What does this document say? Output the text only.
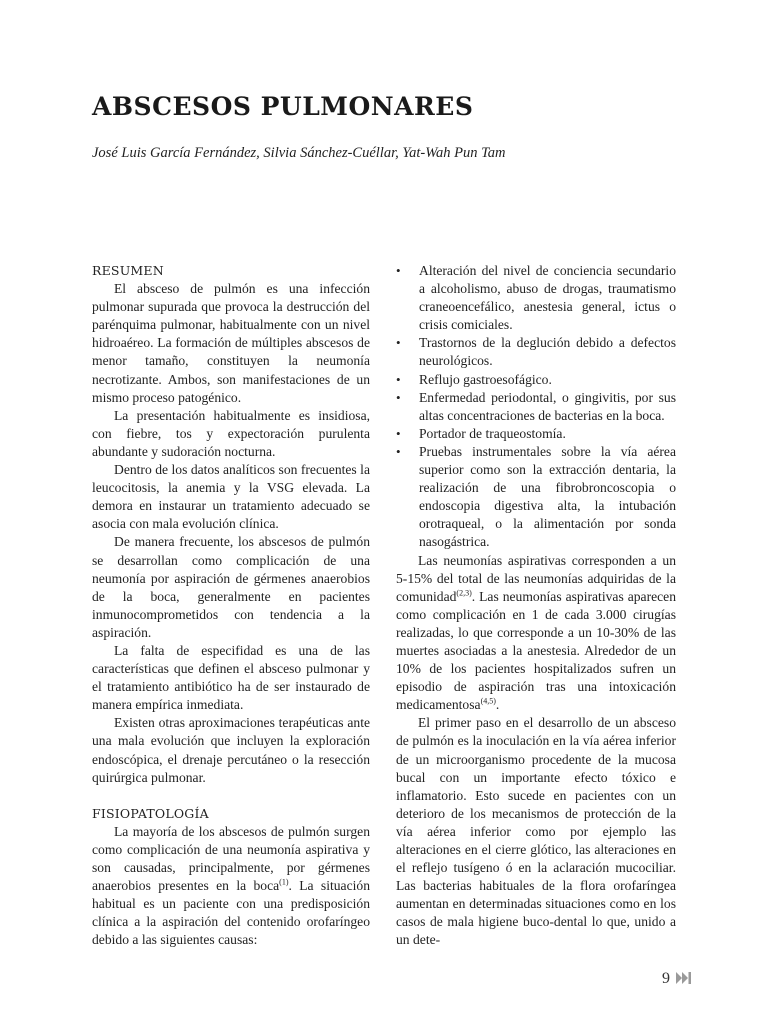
ABSCESOS PULMONARES
José Luis García Fernández, Silvia Sánchez-Cuéllar, Yat-Wah Pun Tam
RESUMEN

El absceso de pulmón es una infección pulmonar supurada que provoca la destrucción del parénquima pulmonar, habitualmente con un nivel hidroaéreo. La formación de múltiples abscesos de menor tamaño, constituyen la neumonía necrotizante. Ambos, son manifestaciones de un mismo proceso patogénico.

La presentación habitualmente es insidiosa, con fiebre, tos y expectoración purulenta abundante y sudoración nocturna.

Dentro de los datos analíticos son frecuentes la leucocitosis, la anemia y la VSG elevada. La demora en instaurar un tratamiento adecuado se asocia con mala evolución clínica.

De manera frecuente, los abscesos de pulmón se desarrollan como complicación de una neumonía por aspiración de gérmenes anaerobios de la boca, generalmente en pacientes inmunocomprometidos con tendencia a la aspiración.

La falta de especifidad es una de las características que definen el absceso pulmonar y el tratamiento antibiótico ha de ser instaurado de manera empírica inmediata.

Existen otras aproximaciones terapéuticas ante una mala evolución que incluyen la exploración endoscópica, el drenaje percutáneo o la resección quirúrgica pulmonar.

FISIOPATOLOGÍA

La mayoría de los abscesos de pulmón surgen como complicación de una neumonía aspirativa y son causadas, principalmente, por gérmenes anaerobios presentes en la boca$^{(1)}$. La situación habitual es un paciente con una predisposición clínica a la aspiración del contenido orofaríngeo debido a las siguientes causas:

• Alteración del nivel de conciencia secundario a alcoholismo, abuso de drogas, traumatismo craneoencefálico, anestesia general, ictus o crisis comiciales.
• Trastornos de la deglución debido a defectos neurológicos.
• Reflujo gastroesofágico.
• Enfermedad periodontal, o gingivitis, por sus altas concentraciones de bacterias en la boca.
• Portador de traqueostomía.
• Pruebas instrumentales sobre la vía aérea superior como son la extracción dentaria, la realización de una fibrobroncoscopia o endoscopia digestiva alta, la intubación orotraqueal, o la alimentación por sonda nasogástrica.

Las neumonías aspirativas corresponden a un 5-15% del total de las neumonías adquiridas de la comunidad$^{(2,3)}$. Las neumonías aspirativas aparecen como complicación en 1 de cada 3.000 cirugías realizadas, lo que corresponde a un 10-30% de las muertes asociadas a la anestesia. Alrededor de un 10% de los pacientes hospitalizados sufren un episodio de aspiración tras una intoxicación medicamentosa$^{(4,5)}$.

El primer paso en el desarrollo de un absceso de pulmón es la inoculación en la vía aérea inferior de un microorganismo procedente de la mucosa bucal con un importante efecto tóxico e inflamatorio. Esto sucede en pacientes con un deterioro de los mecanismos de protección de la vía aérea inferior como por ejemplo las alteraciones en el cierre glótico, las alteraciones en el reflejo tusígeno ó en la aclaración mucociliar. Las bacterias habituales de la flora orofaríngea aumentan en determinadas situaciones como en los casos de mala higiene buco-dental lo que, unido a un dete-

9
